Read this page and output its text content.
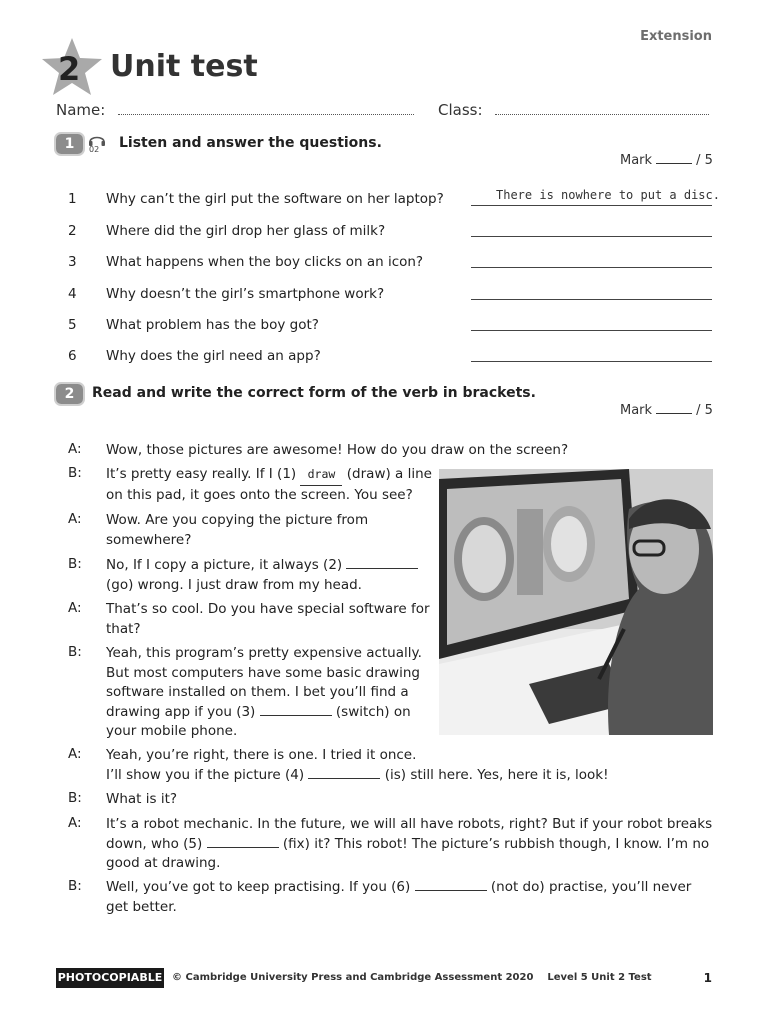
Extension
2 Unit test
Name:	Class:
1	02 Listen and answer the questions.
Mark	/ 5
1	Why can’t the girl put the software on her laptop?	There is nowhere to put a disc.
2	Where did the girl drop her glass of milk?
3	What happens when the boy clicks on an icon?
4	Why doesn’t the girl’s smartphone work?
5	What problem has the boy got?
6	Why does the girl need an app?
2	Read and write the correct form of the verb in brackets.
Mark	/ 5
A: Wow, those pictures are awesome! How do you draw on the screen?
B: It’s pretty easy really. If I (1) draw (draw) a line
on this pad, it goes onto the screen. You see?
A: Wow. Are you copying the picture from
somewhere?
B: No, If I copy a picture, it always (2)
(go) wrong. I just draw from my head.
A: That’s so cool. Do you have special software for
that?
B: Yeah, this program’s pretty expensive actually.
But most computers have some basic drawing
software installed on them. I bet you’ll find a
drawing app if you (3)	(switch) on
your mobile phone.
A: Yeah, you’re right, there is one. I tried it once.
I’ll show you if the picture (4)	(is) still here. Yes, here it is, look!
B: What is it?
A: It’s a robot mechanic. In the future, we will all have robots, right? But if your robot breaks
down, who (5)	(fix) it? This robot! The picture’s rubbish though, I know. I’m no
good at drawing.
B: Well, you’ve got to keep practising. If you (6)	(not do) practise, you’ll never
get better.
PHOTOCOPIABLE © Cambridge University Press and Cambridge Assessment 2020 Level 5 Unit 2 Test	1
